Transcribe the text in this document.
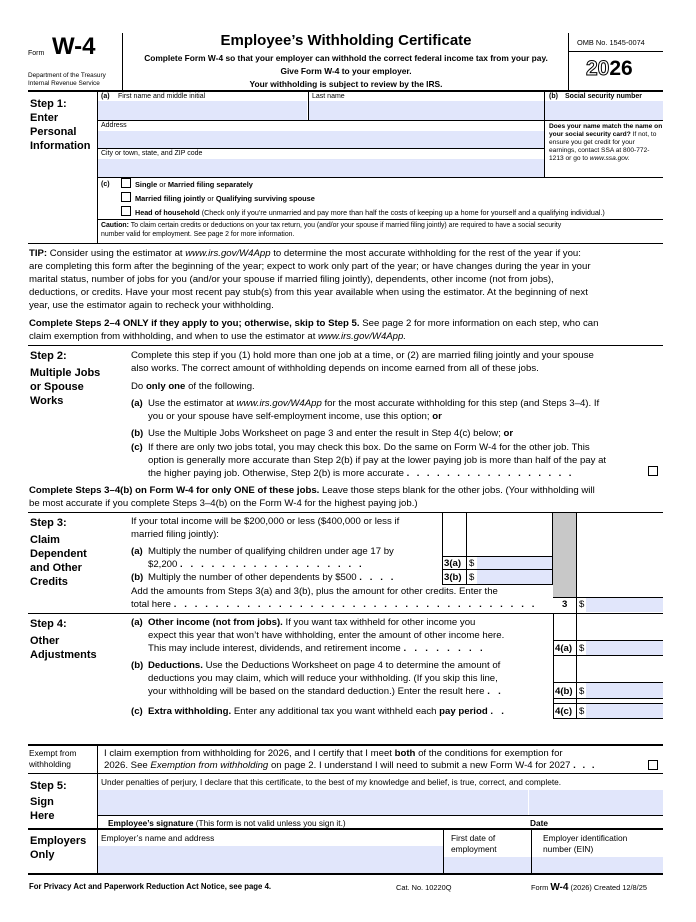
Form W-4
Department of the Treasury
Internal Revenue Service
Employee’s Withholding Certificate
Complete Form W-4 so that your employer can withhold the correct federal income tax from your pay.
Give Form W-4 to your employer.
Your withholding is subject to review by the IRS.
OMB No. 1545-0074
2026
Step 1:
Enter
Personal
Information
(a) First name and middle initial	Last name	(b) Social security number
Address
City or town, state, and ZIP code
Does your name match the name on your social security card? If not, to ensure you get credit for your earnings, contact SSA at 800-772-1213 or go to www.ssa.gov.
(c)	Single or Married filing separately
Married filing jointly or Qualifying surviving spouse
Head of household (Check only if you’re unmarried and pay more than half the costs of keeping up a home for yourself and a qualifying individual.)
Caution: To claim certain credits or deductions on your tax return, you (and/or your spouse if married filing jointly) are required to have a social security
number valid for employment. See page 2 for more information.
TIP: Consider using the estimator at www.irs.gov/W4App to determine the most accurate withholding for the rest of the year if you:
are completing this form after the beginning of the year; expect to work only part of the year; or have changes during the year in your
marital status, number of jobs for you (and/or your spouse if married filing jointly), dependents, other income (not from jobs),
deductions, or credits. Have your most recent pay stub(s) from this year available when using the estimator. At the beginning of next
year, use the estimator again to recheck your withholding.
Complete Steps 2–4 ONLY if they apply to you; otherwise, skip to Step 5. See page 2 for more information on each step, who can
claim exemption from withholding, and when to use the estimator at www.irs.gov/W4App.
Step 2:
Multiple Jobs
or Spouse
Works
Complete this step if you (1) hold more than one job at a time, or (2) are married filing jointly and your spouse
also works. The correct amount of withholding depends on income earned from all of these jobs.
Do only one of the following.
(a) Use the estimator at www.irs.gov/W4App for the most accurate withholding for this step (and Steps 3–4). If
you or your spouse have self-employment income, use this option; or
(b) Use the Multiple Jobs Worksheet on page 3 and enter the result in Step 4(c) below; or
(c) If there are only two jobs total, you may check this box. Do the same on Form W-4 for the other job. This
option is generally more accurate than Step 2(b) if pay at the lower paying job is more than half of the pay at
the higher paying job. Otherwise, Step 2(b) is more accurate . . . . . . . . . . . . . . . . .
Complete Steps 3–4(b) on Form W-4 for only ONE of these jobs. Leave those steps blank for the other jobs. (Your withholding will
be most accurate if you complete Steps 3–4(b) on the Form W-4 for the highest paying job.)
Step 3:
Claim
Dependent
and Other
Credits
If your total income will be $200,000 or less ($400,000 or less if
married filing jointly):
(a) Multiply the number of qualifying children under age 17 by
$2,200 . . . . . . . . . . . . . . . . . .
(b) Multiply the number of other dependents by $500 . . . .
3(a) $
3(b) $
Add the amounts from Steps 3(a) and 3(b), plus the amount for other credits. Enter the
total here . . . . . . . . . . . . . . . . . . . . . . . . . . . . . . . . . . .	3 $
Step 4:
Other
Adjustments
(a) Other income (not from jobs). If you want tax withheld for other income you
expect this year that won’t have withholding, enter the amount of other income here.
This may include interest, dividends, and retirement income . . . . . . . .	4(a) $
(b) Deductions. Use the Deductions Worksheet on page 4 to determine the amount of
deductions you may claim, which will reduce your withholding. (If you skip this line,
your withholding will be based on the standard deduction.) Enter the result here . .	4(b) $
(c) Extra withholding. Enter any additional tax you want withheld each pay period . .	4(c) $
Exempt from
withholding
I claim exemption from withholding for 2026, and I certify that I meet both of the conditions for exemption for
2026. See Exemption from withholding on page 2. I understand I will need to submit a new Form W-4 for 2027 . . .
Step 5:
Sign
Here
Under penalties of perjury, I declare that this certificate, to the best of my knowledge and belief, is true, correct, and complete.
Employee’s signature (This form is not valid unless you sign it.)	Date
Employers
Only
Employer’s name and address	First date of
employment
Employer identification
number (EIN)
For Privacy Act and Paperwork Reduction Act Notice, see page 4.	Cat. No. 10220Q	Form W-4 (2026) Created 12/8/25
